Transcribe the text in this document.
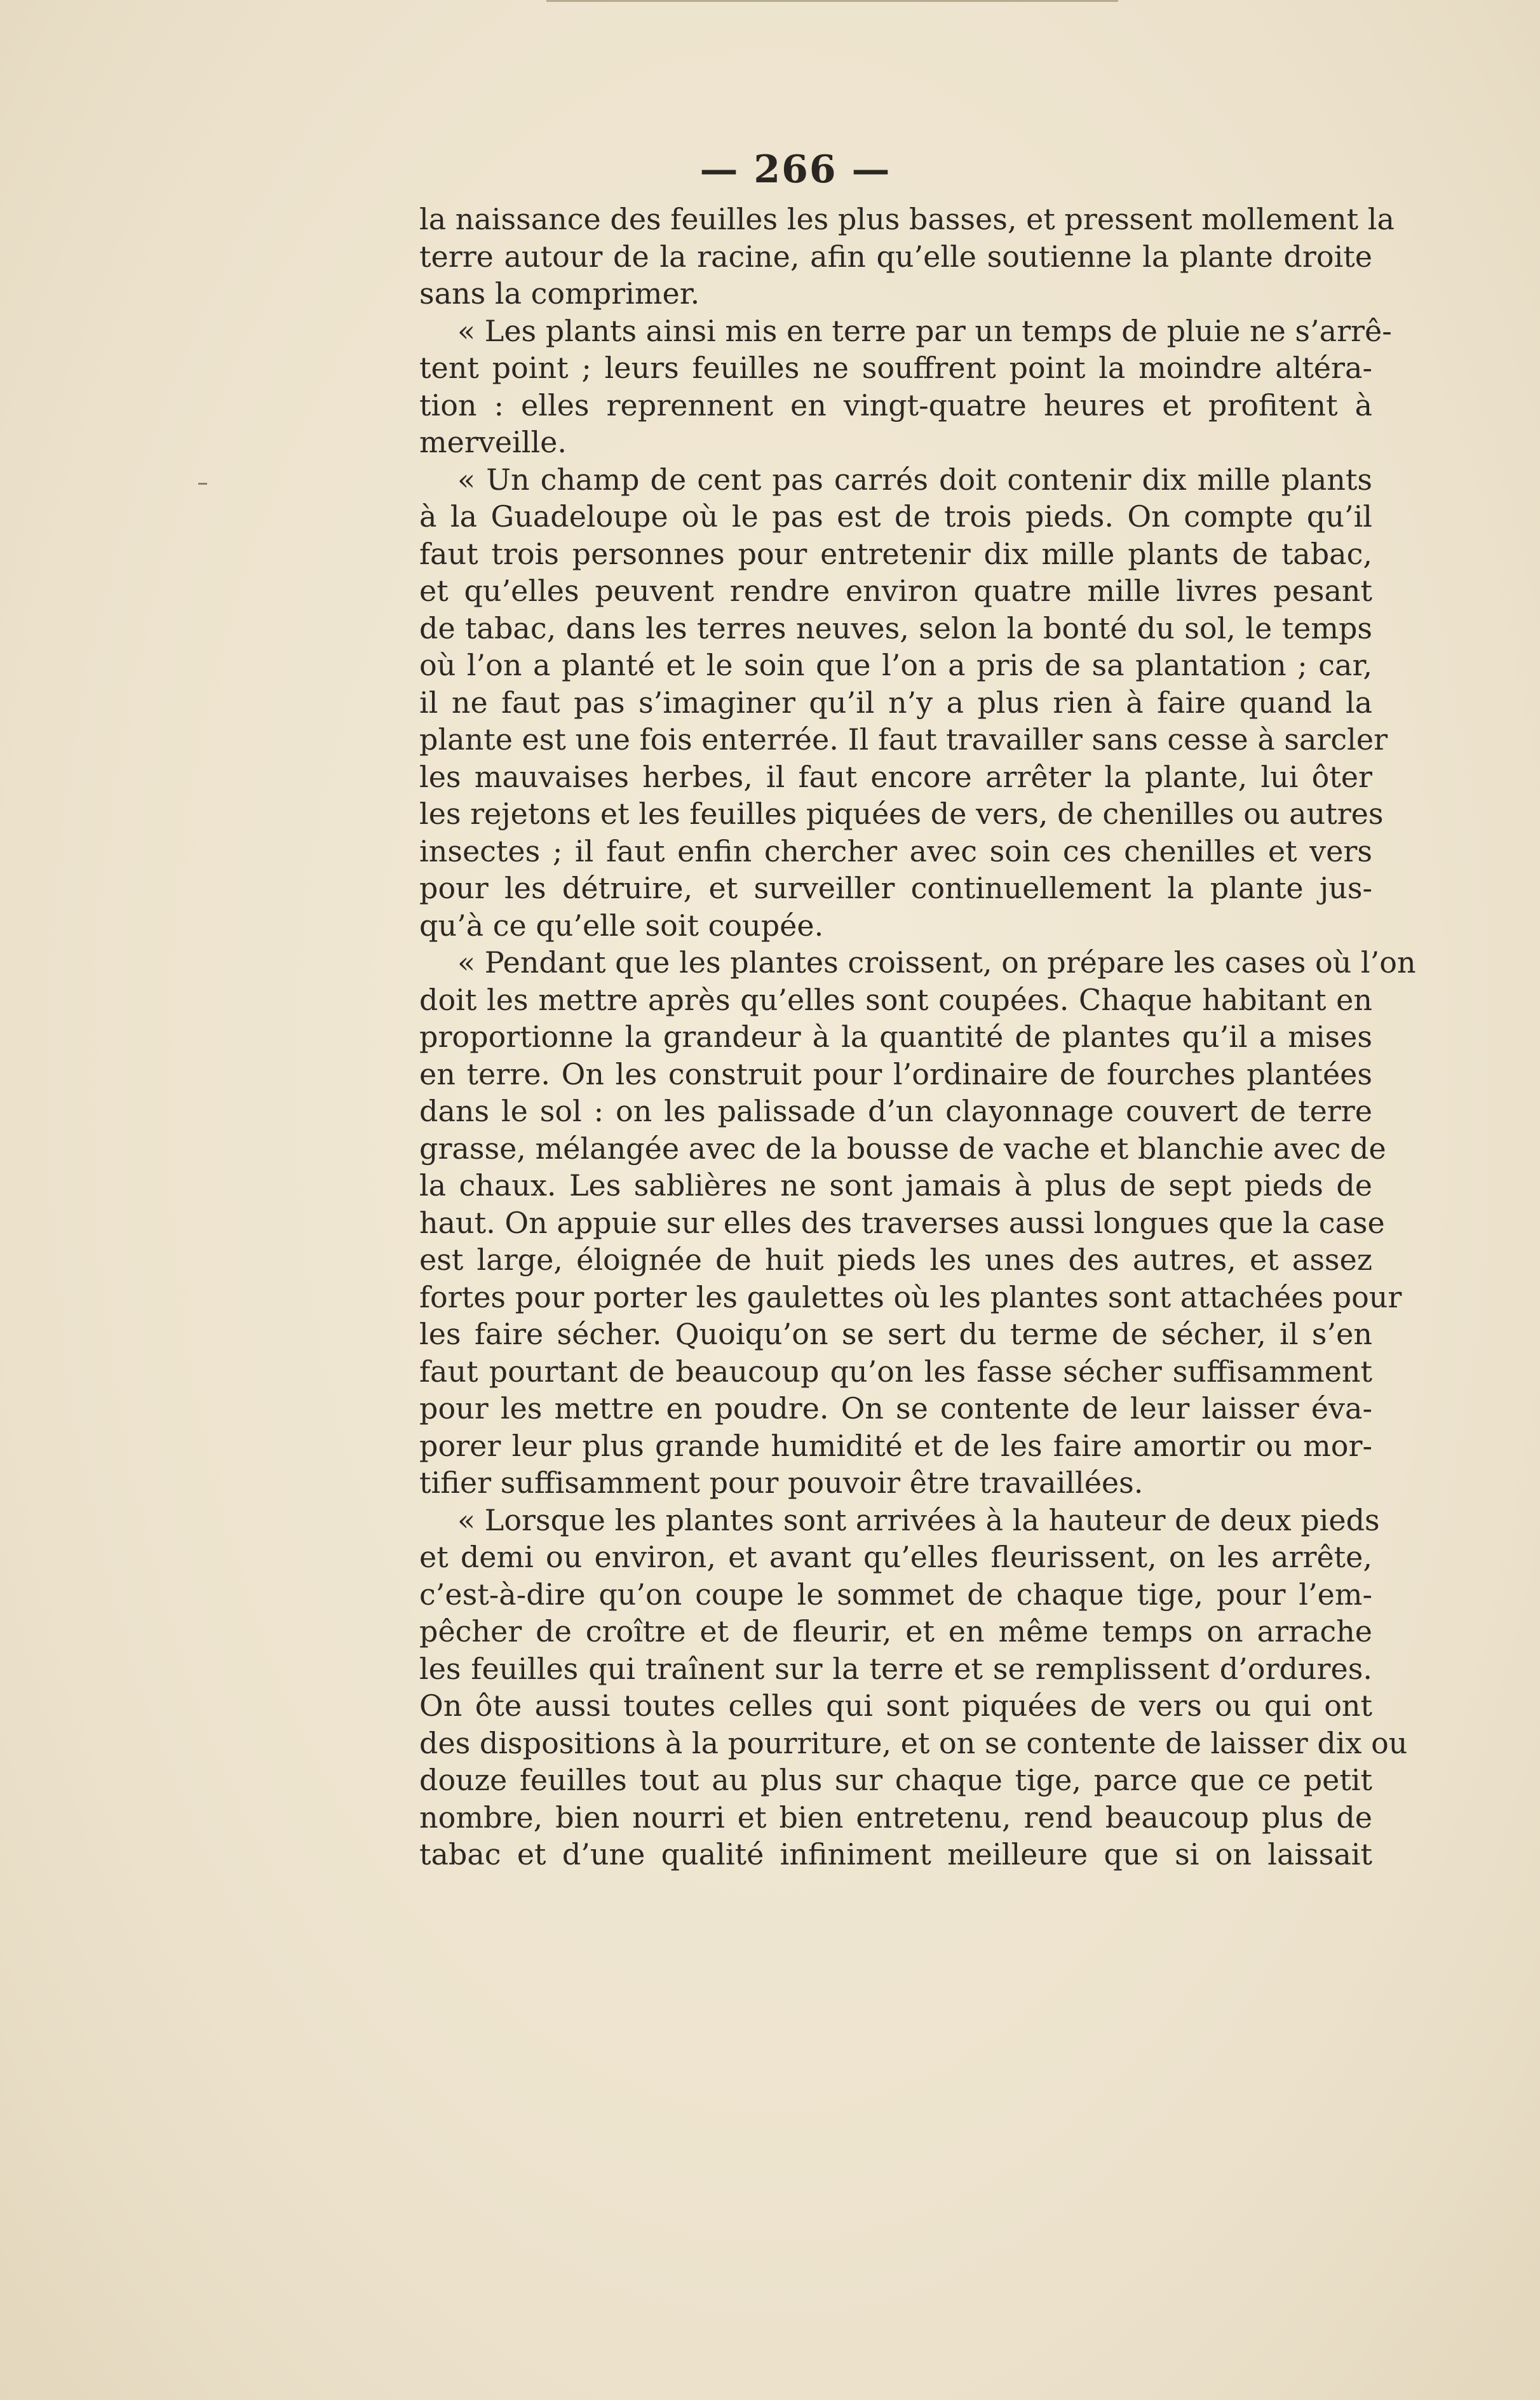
— 266 —
la naissance des feuilles les plus basses, et pressent mollement la
terre autour de la racine, afin qu’elle soutienne la plante droite
sans la comprimer.
« Les plants ainsi mis en terre par un temps de pluie ne s’arrê-
tent point ; leurs feuilles ne souffrent point la moindre altéra-
tion : elles reprennent en vingt-quatre heures et profitent à
merveille.
« Un champ de cent pas carrés doit contenir dix mille plants
à la Guadeloupe où le pas est de trois pieds. On compte qu’il
faut trois personnes pour entretenir dix mille plants de tabac,
et qu’elles peuvent rendre environ quatre mille livres pesant
de tabac, dans les terres neuves, selon la bonté du sol, le temps
où l’on a planté et le soin que l’on a pris de sa plantation ; car,
il ne faut pas s’imaginer qu’il n’y a plus rien à faire quand la
plante est une fois enterrée. Il faut travailler sans cesse à sarcler
les mauvaises herbes, il faut encore arrêter la plante, lui ôter
les rejetons et les feuilles piquées de vers, de chenilles ou autres
insectes ; il faut enfin chercher avec soin ces chenilles et vers
pour les détruire, et surveiller continuellement la plante jus-
qu’à ce qu’elle soit coupée.
« Pendant que les plantes croissent, on prépare les cases où l’on
doit les mettre après qu’elles sont coupées. Chaque habitant en
proportionne la grandeur à la quantité de plantes qu’il a mises
en terre. On les construit pour l’ordinaire de fourches plantées
dans le sol : on les palissade d’un clayonnage couvert de terre
grasse, mélangée avec de la bousse de vache et blanchie avec de
la chaux. Les sablières ne sont jamais à plus de sept pieds de
haut. On appuie sur elles des traverses aussi longues que la case
est large, éloignée de huit pieds les unes des autres, et assez
fortes pour porter les gaulettes où les plantes sont attachées pour
les faire sécher. Quoiqu’on se sert du terme de sécher, il s’en
faut pourtant de beaucoup qu’on les fasse sécher suffisamment
pour les mettre en poudre. On se contente de leur laisser éva-
porer leur plus grande humidité et de les faire amortir ou mor-
tifier suffisamment pour pouvoir être travaillées.
« Lorsque les plantes sont arrivées à la hauteur de deux pieds
et demi ou environ, et avant qu’elles fleurissent, on les arrête,
c’est-à-dire qu’on coupe le sommet de chaque tige, pour l’em-
pêcher de croître et de fleurir, et en même temps on arrache
les feuilles qui traînent sur la terre et se remplissent d’ordures.
On ôte aussi toutes celles qui sont piquées de vers ou qui ont
des dispositions à la pourriture, et on se contente de laisser dix ou
douze feuilles tout au plus sur chaque tige, parce que ce petit
nombre, bien nourri et bien entretenu, rend beaucoup plus de
tabac et d’une qualité infiniment meilleure que si on laissait
